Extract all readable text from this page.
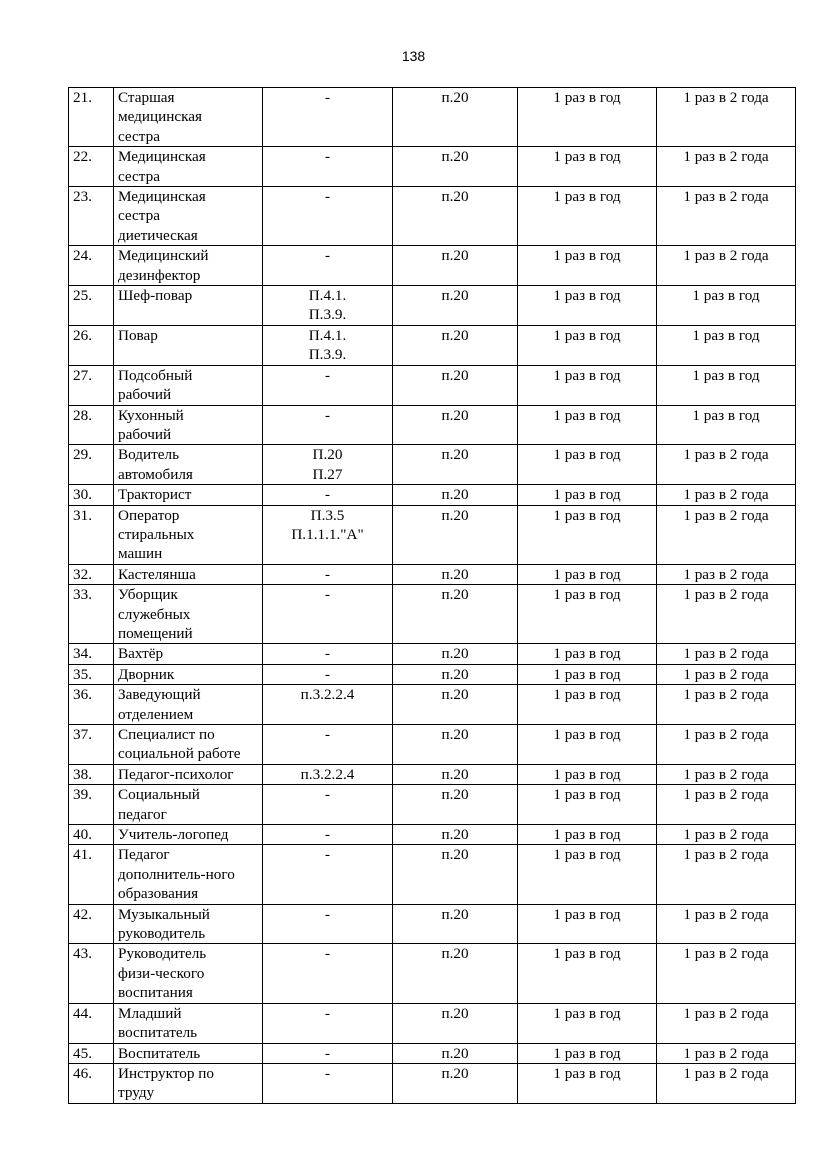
138
21.	Старшая
медицинская
сестра	-	п.20	1 раз в год	1 раз в 2 года
22.	Медицинская
сестра	-	п.20	1 раз в год	1 раз в 2 года
23.	Медицинская
сестра
диетическая	-	п.20	1 раз в год	1 раз в 2 года
24.	Медицинский
дезинфектор	-	п.20	1 раз в год	1 раз в 2 года
25.	Шеф-повар	П.4.1.
П.3.9.	п.20	1 раз в год	1 раз в год
26.	Повар	П.4.1.
П.3.9.	п.20	1 раз в год	1 раз в год
27.	Подсобный
рабочий	-	п.20	1 раз в год	1 раз в год
28.	Кухонный
рабочий	-	п.20	1 раз в год	1 раз в год
29.	Водитель
автомобиля	П.20
П.27	п.20	1 раз в год	1 раз в 2 года
30.	Тракторист	-	п.20	1 раз в год	1 раз в 2 года
31.	Оператор
стиральных
машин	П.3.5
П.1.1.1."А"	п.20	1 раз в год	1 раз в 2 года
32.	Кастелянша	-	п.20	1 раз в год	1 раз в 2 года
33.	Уборщик
служебных
помещений	-	п.20	1 раз в год	1 раз в 2 года
34.	Вахтёр	-	п.20	1 раз в год	1 раз в 2 года
35.	Дворник	-	п.20	1 раз в год	1 раз в 2 года
36.	Заведующий
отделением	п.3.2.2.4	п.20	1 раз в год	1 раз в 2 года
37.	Специалист по
социальной работе	-	п.20	1 раз в год	1 раз в 2 года
38.	Педагог-психолог	п.3.2.2.4	п.20	1 раз в год	1 раз в 2 года
39.	Социальный
педагог	-	п.20	1 раз в год	1 раз в 2 года
40.	Учитель-логопед	-	п.20	1 раз в год	1 раз в 2 года
41.	Педагог
дополнитель-ного
образования	-	п.20	1 раз в год	1 раз в 2 года
42.	Музыкальный
руководитель	-	п.20	1 раз в год	1 раз в 2 года
43.	Руководитель
физи-ческого
воспитания	-	п.20	1 раз в год	1 раз в 2 года
44.	Младший
воспитатель	-	п.20	1 раз в год	1 раз в 2 года
45.	Воспитатель	-	п.20	1 раз в год	1 раз в 2 года
46.	Инструктор по
труду	-	п.20	1 раз в год	1 раз в 2 года
